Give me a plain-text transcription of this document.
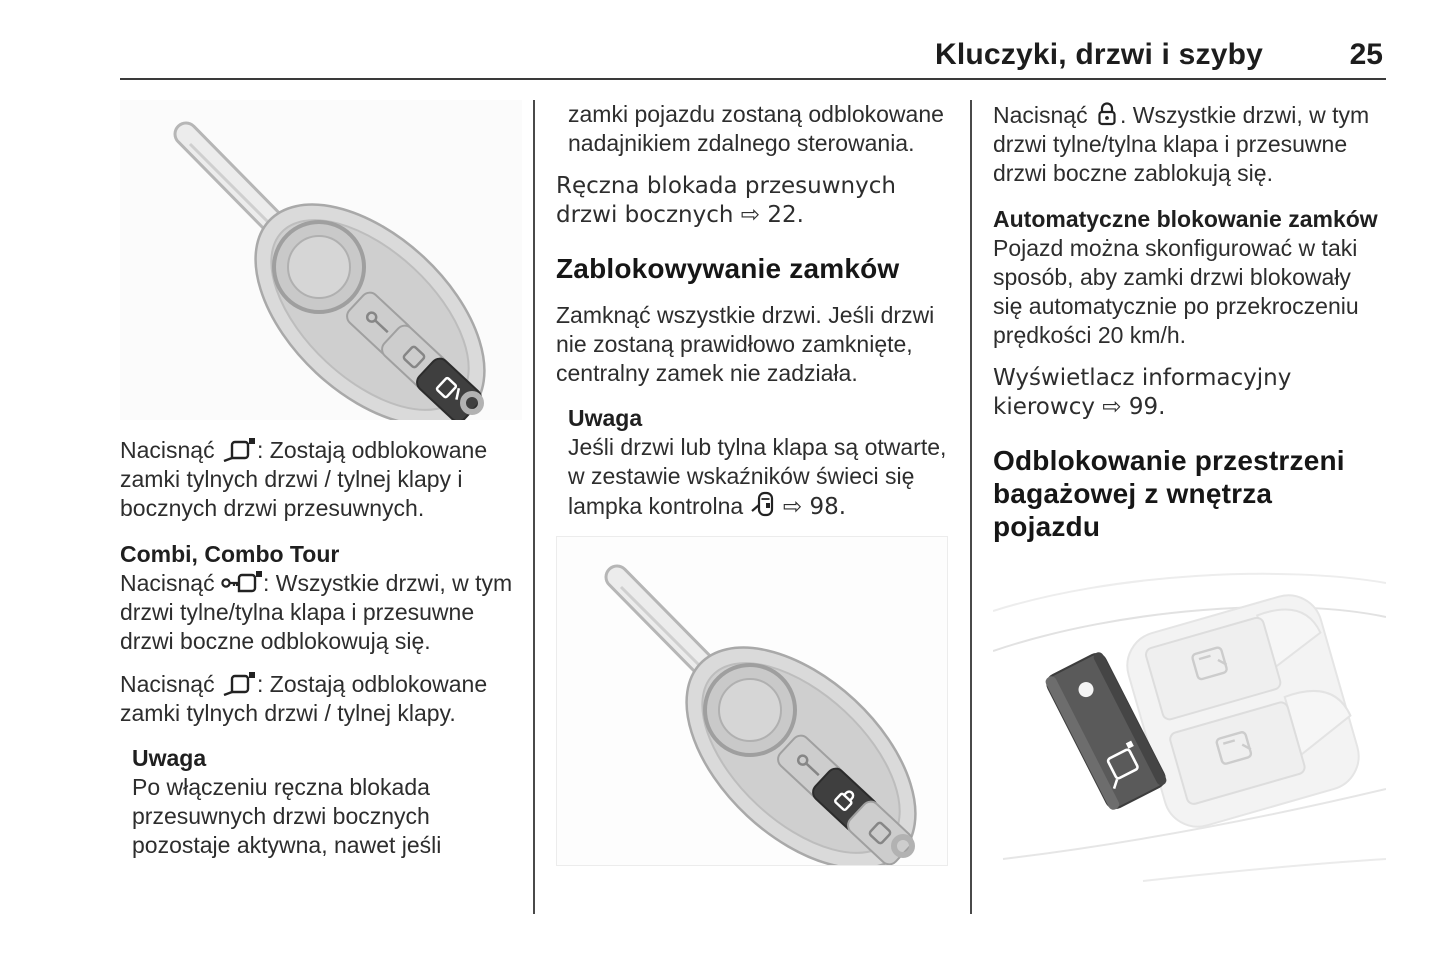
Kluczyki, drzwi i szyby	25

Nacisnąć
: Zostają odblokowane zamki tylnych drzwi / tylnej klapy i bocznych drzwi przesuwnych.

Combi, Combo Tour

Nacisnąć
: Wszystkie drzwi, w tym drzwi tylne/tylna klapa i przesuwne drzwi boczne odblokowują się.

Nacisnąć
: Zostają odblokowane zamki tylnych drzwi / tylnej klapy.

Uwaga
Po włączeniu ręczna blokada przesuwnych drzwi bocznych pozostaje aktywna, nawet jeśli
zamki pojazdu zostaną odblokowane nadajnikiem zdalnego sterowania.

Ręczna blokada przesuwnych drzwi bocznych ⇨ 22.

Zablokowywanie zamków

Zamknąć wszystkie drzwi. Jeśli drzwi nie zostaną prawidłowo zamknięte, centralny zamek nie zadziała.

Uwaga
Jeśli drzwi lub tylna klapa są otwarte, w zestawie wskaźników świeci się lampka kontrolna
⇨ 98.

Nacisnąć
. Wszystkie drzwi, w tym drzwi tylne/tylna klapa i przesuwne drzwi boczne zablokują się.

Automatyczne blokowanie zamków

Pojazd można skonfigurować w taki sposób, aby zamki drzwi blokowały się automatycznie po przekroczeniu prędkości 20 km/h.

Wyświetlacz informacyjny kierowcy ⇨ 99.

Odblokowanie przestrzeni bagażowej z wnętrza pojazdu
